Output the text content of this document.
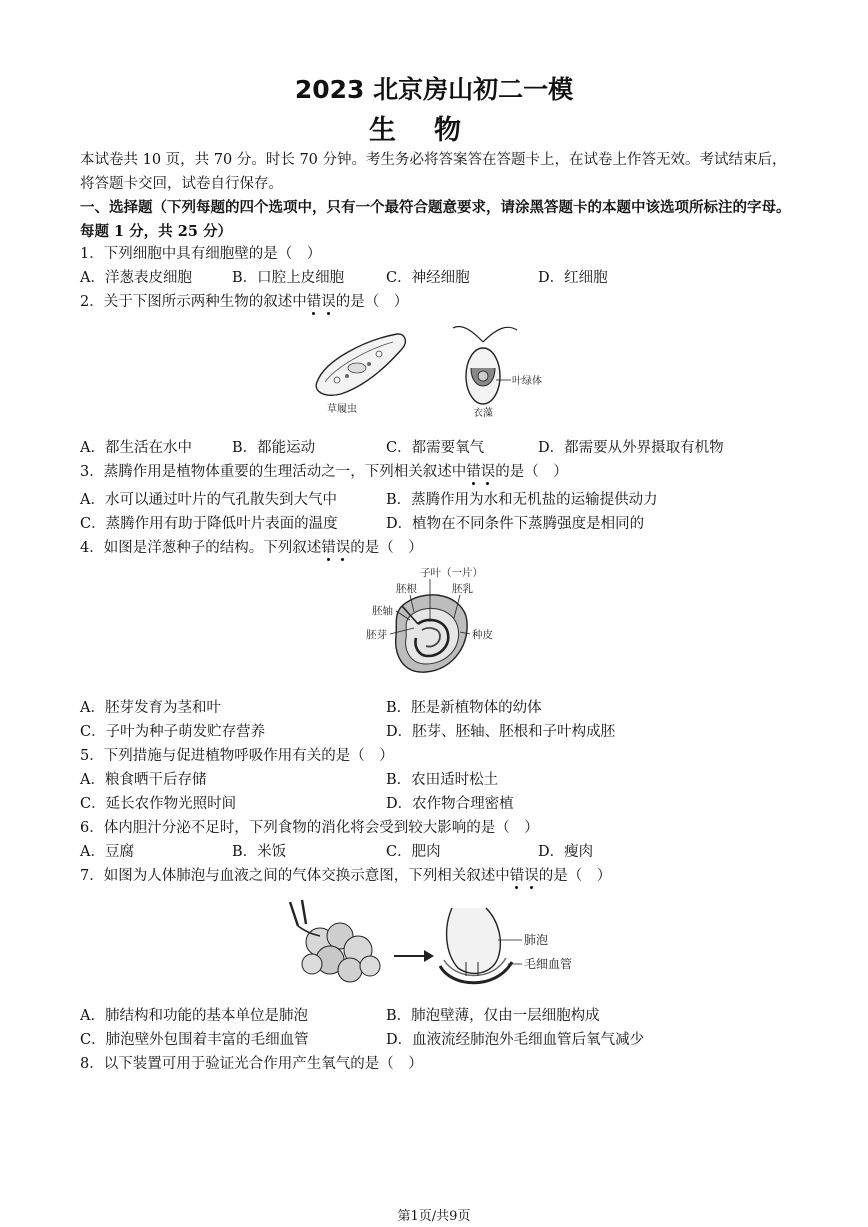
2023 北京房山初二一模
生物
本试卷共 10 页，共 70 分。时长 70 分钟。考生务必将答案答在答题卡上，在试卷上作答无效。考试结束后，将答题卡交回，试卷自行保存。
一、选择题（下列每题的四个选项中，只有一个最符合题意要求，请涂黑答题卡的本题中该选项所标注的字母。每题 1 分，共 25 分）
1．下列细胞中具有细胞壁的是（　）
A．洋葱表皮细胞	B．口腔上皮细胞	C．神经细胞	D．红细胞
2．关于下图所示两种生物的叙述中错误的是（　）
草履虫
叶绿体
衣藻
A．都生活在水中	B．都能运动	C．都需要氧气	D．都需要从外界摄取有机物
3．蒸腾作用是植物体重要的生理活动之一，下列相关叙述中错误的是（　）
A．水可以通过叶片的气孔散失到大气中	B．蒸腾作用为水和无机盐的运输提供动力
C．蒸腾作用有助于降低叶片表面的温度	D．植物在不同条件下蒸腾强度是相同的
4．如图是洋葱种子的结构。下列叙述错误的是（　）
子叶（一片）
胚根	胚乳
胚轴
胚芽	种皮
A．胚芽发育为茎和叶	B．胚是新植物体的幼体
C．子叶为种子萌发贮存营养	D．胚芽、胚轴、胚根和子叶构成胚
5．下列措施与促进植物呼吸作用有关的是（　）
A．粮食晒干后存储	B．农田适时松土
C．延长农作物光照时间	D．农作物合理密植
6．体内胆汁分泌不足时，下列食物的消化将会受到较大影响的是（　）
A．豆腐	B．米饭	C．肥肉	D．瘦肉
7．如图为人体肺泡与血液之间的气体交换示意图，下列相关叙述中错误的是（　）
肺泡
毛细血管
A．肺结构和功能的基本单位是肺泡	B．肺泡壁薄，仅由一层细胞构成
C．肺泡壁外包围着丰富的毛细血管	D．血液流经肺泡外毛细血管后氧气减少
8．以下装置可用于验证光合作用产生氧气的是（　）
第1页/共9页
